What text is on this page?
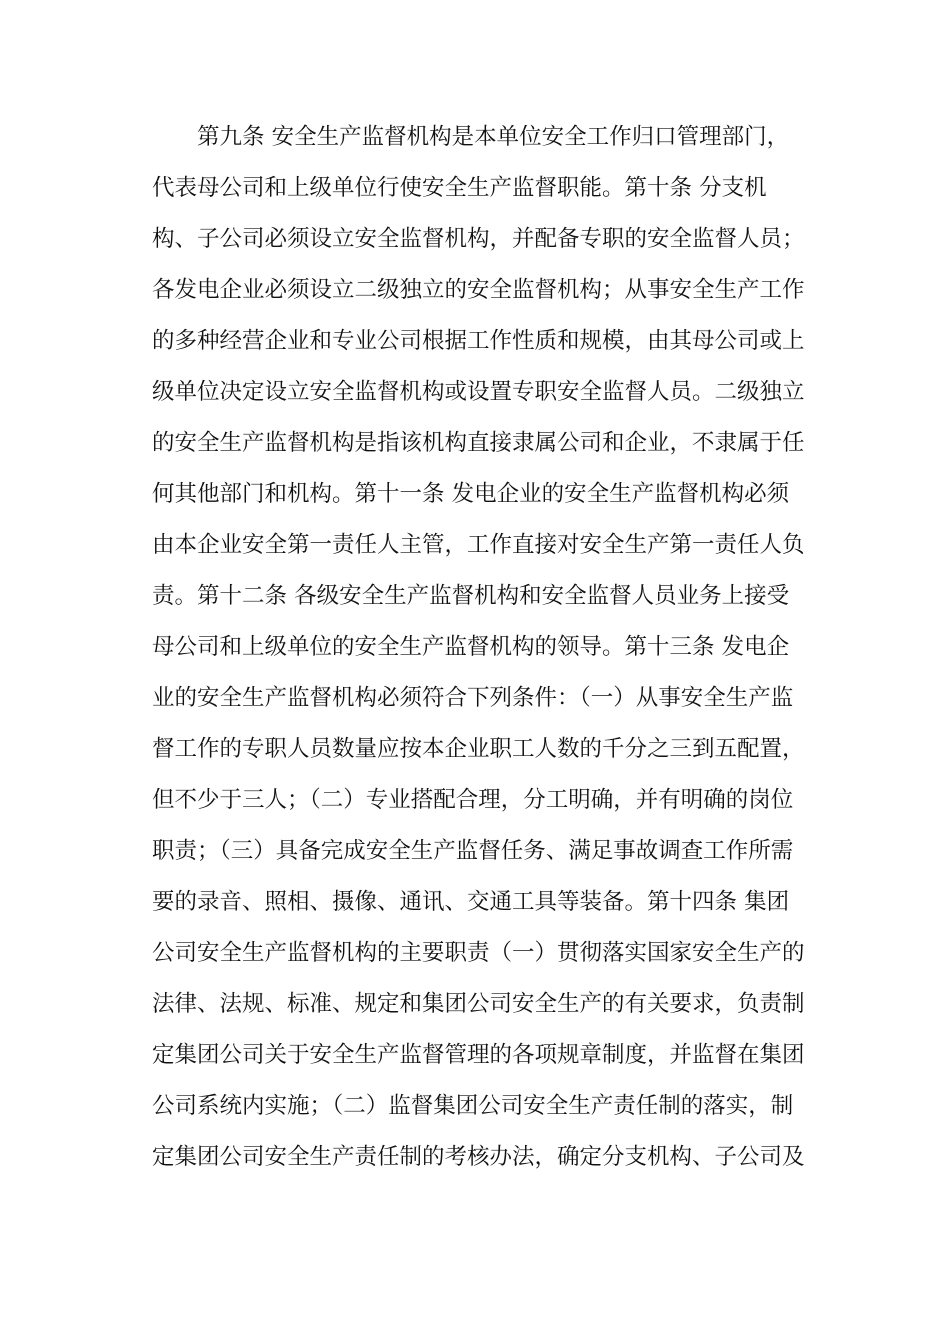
　　第九条 安全生产监督机构是本单位安全工作归口管理部门，
代表母公司和上级单位行使安全生产监督职能。第十条 分支机
构、子公司必须设立安全监督机构，并配备专职的安全监督人员；
各发电企业必须设立二级独立的安全监督机构；从事安全生产工作
的多种经营企业和专业公司根据工作性质和规模，由其母公司或上
级单位决定设立安全监督机构或设置专职安全监督人员。二级独立
的安全生产监督机构是指该机构直接隶属公司和企业，不隶属于任
何其他部门和机构。第十一条 发电企业的安全生产监督机构必须
由本企业安全第一责任人主管，工作直接对安全生产第一责任人负
责。第十二条 各级安全生产监督机构和安全监督人员业务上接受
母公司和上级单位的安全生产监督机构的领导。第十三条 发电企
业的安全生产监督机构必须符合下列条件：（一）从事安全生产监
督工作的专职人员数量应按本企业职工人数的千分之三到五配置，
但不少于三人；（二）专业搭配合理，分工明确，并有明确的岗位
职责；（三）具备完成安全生产监督任务、满足事故调查工作所需
要的录音、照相、摄像、通讯、交通工具等装备。第十四条 集团
公司安全生产监督机构的主要职责（一）贯彻落实国家安全生产的
法律、法规、标准、规定和集团公司安全生产的有关要求，负责制
定集团公司关于安全生产监督管理的各项规章制度，并监督在集团
公司系统内实施；（二）监督集团公司安全生产责任制的落实，制
定集团公司安全生产责任制的考核办法，确定分支机构、子公司及
